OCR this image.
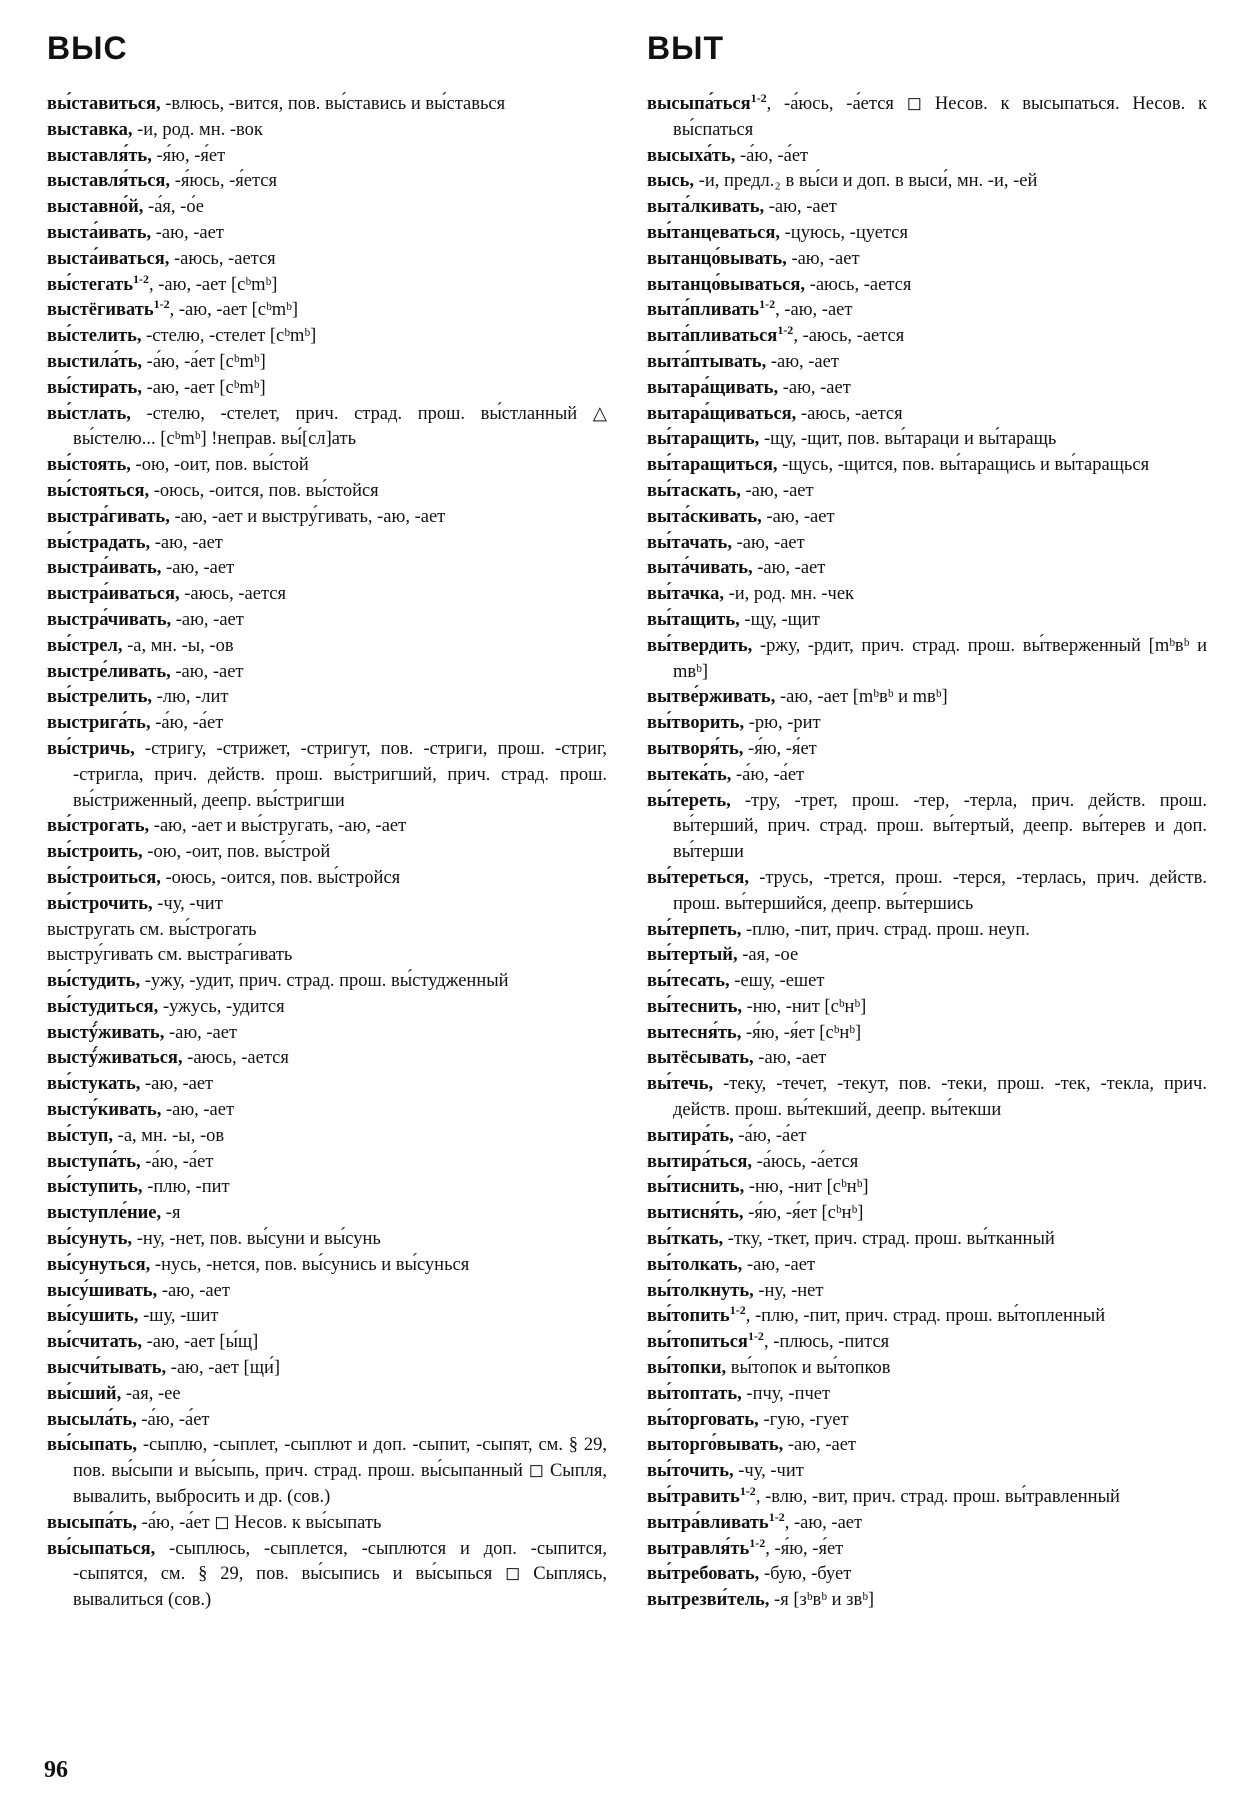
ВЫС	ВЫТ

вы́ставиться, -влюсь, -вится, пов. вы́ставись и вы́ставься

выставка, -и, род. мн. -вок

выставля́ть, -я́ю, -я́ет

выставля́ться, -я́юсь, -я́ется

выставно́й, -а́я, -о́е

выста́ивать, -аю, -ает

выста́иваться, -аюсь, -ается

вы́стегать$^{1-2}$, -аю, -ает [cᵇmᵇ]

выстёгивать$^{1-2}$, -аю, -ает [cᵇmᵇ]

вы́стелить, -стелю, -стелет [cᵇmᵇ]

выстила́ть, -а́ю, -а́ет [cᵇmᵇ]

вы́стирать, -аю, -ает [cᵇmᵇ]

вы́стлать, -стелю, -стелет, прич. страд. прош. вы́стланный △ вы́стелю... [cᵇmᵇ] !неправ. вы́[сл]ать

вы́стоять, -ою, -оит, пов. вы́стой

вы́стояться, -оюсь, -оится, пов. вы́стойся

выстра́гивать, -аю, -ает и выстру́гивать, -аю, -ает

вы́страдать, -аю, -ает

выстра́ивать, -аю, -ает

выстра́иваться, -аюсь, -ается

выстра́чивать, -аю, -ает

вы́стрел, -а, мн. -ы, -ов

выстре́ливать, -аю, -ает

вы́стрелить, -лю, -лит

выстрига́ть, -а́ю, -а́ет

вы́стричь, -стригу, -стрижет, -стригут, пов. -стриги, прош. -стриг, -стригла, прич. действ. прош. вы́стригший, прич. страд. прош. вы́стриженный, деепр. вы́стригши

вы́строгать, -аю, -ает и вы́стругать, -аю, -ает

вы́строить, -ою, -оит, пов. вы́строй

вы́строиться, -оюсь, -оится, пов. вы́стройся

вы́строчить, -чу, -чит

выстругать см. вы́строгать

выстру́гивать см. выстра́гивать

вы́студить, -ужу, -удит, прич. страд. прош. вы́студженный

вы́студиться, -ужусь, -удится

выстý́живать, -аю, -ает

выстý́живаться, -аюсь, -ается

вы́стукать, -аю, -ает

высту́кивать, -аю, -ает

вы́ступ, -а, мн. -ы, -ов

выступа́ть, -а́ю, -а́ет

вы́ступить, -плю, -пит

выступле́ние, -я

вы́сунуть, -ну, -нет, пов. вы́суни и вы́сунь

вы́сунуться, -нусь, -нется, пов. вы́сунись и вы́сунься

высу́шивать, -аю, -ает

вы́сушить, -шу, -шит

вы́считать, -аю, -ает [ы́щ]

высчи́тывать, -аю, -ает [щи́]

вы́сший, -ая, -ее

высыла́ть, -а́ю, -а́ет

вы́сыпать, -сыплю, -сыплет, -сыплют и доп. -сыпит, -сыпят, см. § 29, пов. вы́сыпи и вы́сыпь, прич. страд. прош. вы́сыпанный ◻ Сыпля, вывалить, выбросить и др. (сов.)

высыпа́ть, -а́ю, -а́ет ◻ Несов. к вы́сыпать

вы́сыпаться, -сыплюсь, -сыплется, -сыплются и доп. -сыпится, -сыпятся, см. § 29, пов. вы́сыпись и вы́сыпься ◻ Сыплясь, вывалиться (сов.)

высыпа́ться$^{1-2}$, -а́юсь, -а́ется ◻ Несов. к высыпаться. Несов. к вы́спаться

высыха́ть, -а́ю, -а́ет

высь, -и, предл.₂ в вы́си и доп. в выси́, мн. -и, -ей

выта́лкивать, -аю, -ает

вы́танцеваться, -цуюсь, -цуется

вытанцо́вывать, -аю, -ает

вытанцо́вываться, -аюсь, -ается

выта́пливать$^{1-2}$, -аю, -ает

выта́пливаться$^{1-2}$, -аюсь, -ается

выта́птывать, -аю, -ает

вытара́щивать, -аю, -ает

вытара́щиваться, -аюсь, -ается

вы́таращить, -щу, -щит, пов. вы́тараци и вы́таращь

вы́таращиться, -щусь, -щится, пов. вы́таращись и вы́таращься

вы́таскать, -аю, -ает

выта́скивать, -аю, -ает

вы́тачать, -аю, -ает

выта́чивать, -аю, -ает

вы́тачка, -и, род. мн. -чек

вы́тащить, -щу, -щит

вы́твердить, -ржу, -рдит, прич. страд. прош. вы́тверженный [mᵇвᵇ и mвᵇ]

вытве́рживать, -аю, -ает [mᵇвᵇ и mвᵇ]

вы́творить, -рю, -рит

вытворя́ть, -я́ю, -я́ет

вытека́ть, -а́ю, -а́ет

вы́тереть, -тру, -трет, прош. -тер, -терла, прич. действ. прош. вы́терший, прич. страд. прош. вы́тертый, деепр. вы́терев и доп. вы́терши

вы́тереться, -трусь, -трется, прош. -терся, -терлась, прич. действ. прош. вы́тершийся, деепр. вы́тершись

вы́терпеть, -плю, -пит, прич. страд. прош. неуп.

вы́тертый, -ая, -ое

вы́тесать, -ешу, -ешет

вы́теснить, -ню, -нит [cᵇнᵇ]

вытесня́ть, -я́ю, -я́ет [cᵇнᵇ]

вытёсывать, -аю, -ает

вы́течь, -теку, -течет, -текут, пов. -теки, прош. -тек, -текла, прич. действ. прош. вы́текший, деепр. вы́текши

вытира́ть, -а́ю, -а́ет

вытира́ться, -а́юсь, -а́ется

вы́тиснить, -ню, -нит [cᵇнᵇ]

вытисня́ть, -я́ю, -я́ет [cᵇнᵇ]

вы́ткать, -тку, -ткет, прич. страд. прош. вы́тканный

вы́толкать, -аю, -ает

вы́толкнуть, -ну, -нет

вы́топить$^{1-2}$, -плю, -пит, прич. страд. прош. вы́топленный

вы́топиться$^{1-2}$, -плюсь, -пится

вы́топки, вы́топок и вы́топков

вы́топтать, -пчу, -пчет

вы́торговать, -гую, -гует

выторго́вывать, -аю, -ает

вы́точить, -чу, -чит

вы́травить$^{1-2}$, -влю, -вит, прич. страд. прош. вы́травленный

вытра́вливать$^{1-2}$, -аю, -ает

$вытравля́ть^{1-2}$, -я́ю, -я́ет

вы́требовать, -бую, -бует

вытрезви́тель, -я [зᵇвᵇ и звᵇ]

96
